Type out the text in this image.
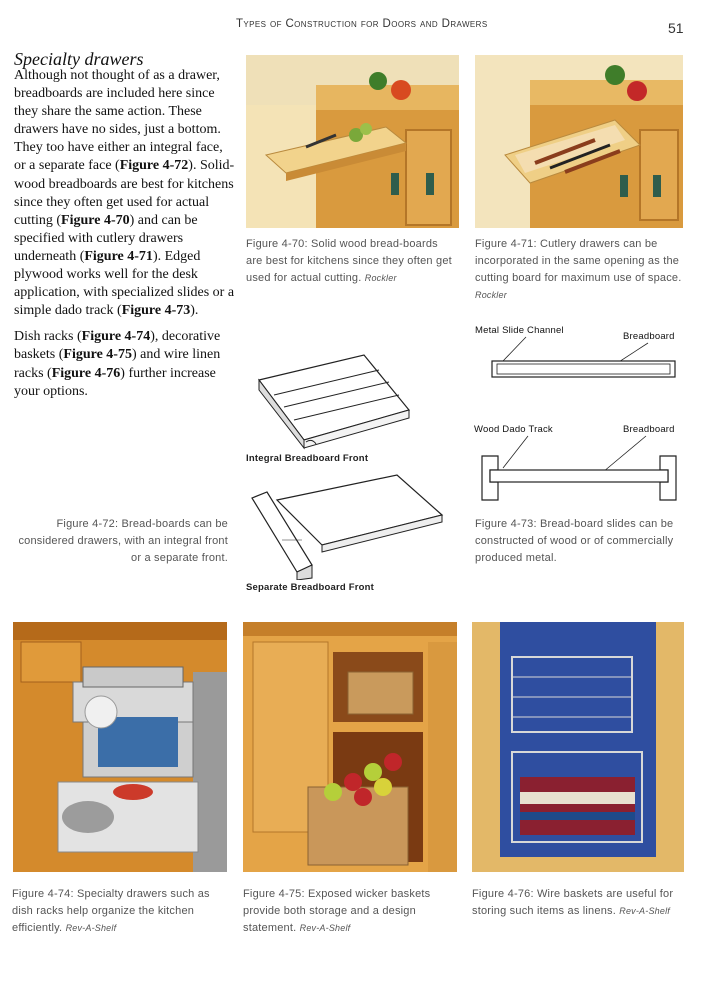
Types of Construction for Doors and Drawers	51
Specialty drawers

Although not thought of as a drawer, breadboards are included here since they share the same action. These drawers have no sides, just a bottom. They too have either an integral face, or a separate face (Figure 4-72). Solid-wood breadboards are best for kitchens since they often get used for actual cutting (Figure 4-70) and can be specified with cutlery drawers underneath (Figure 4-71). Edged plywood works well for the desk application, with specialized slides or a simple dado track (Figure 4-73).

Dish racks (Figure 4-74), decorative baskets (Figure 4-75) and wire linen racks (Figure 4-76) further increase your options.

Figure 4-70: Solid wood bread-boards are best for kitchens since they often get used for actual cutting. Rockler
Figure 4-71: Cutlery drawers can be incorporated in the same opening as the cutting board for maximum use of space. Rockler
Integral Breadboard Front
Separate Breadboard Front
Figure 4-72: Bread-boards can be considered drawers, with an integral front or a separate front.
Metal Slide Channel
Breadboard
Wood Dado Track	Breadboard
Figure 4-73: Bread-board slides can be constructed of wood or of commercially produced metal.
Figure 4-74: Specialty drawers such as dish racks help organize the kitchen efficiently. Rev-A-Shelf
Figure 4-75: Exposed wicker baskets provide both storage and a design statement. Rev-A-Shelf
Figure 4-76: Wire baskets are useful for storing such items as linens. Rev-A-Shelf
